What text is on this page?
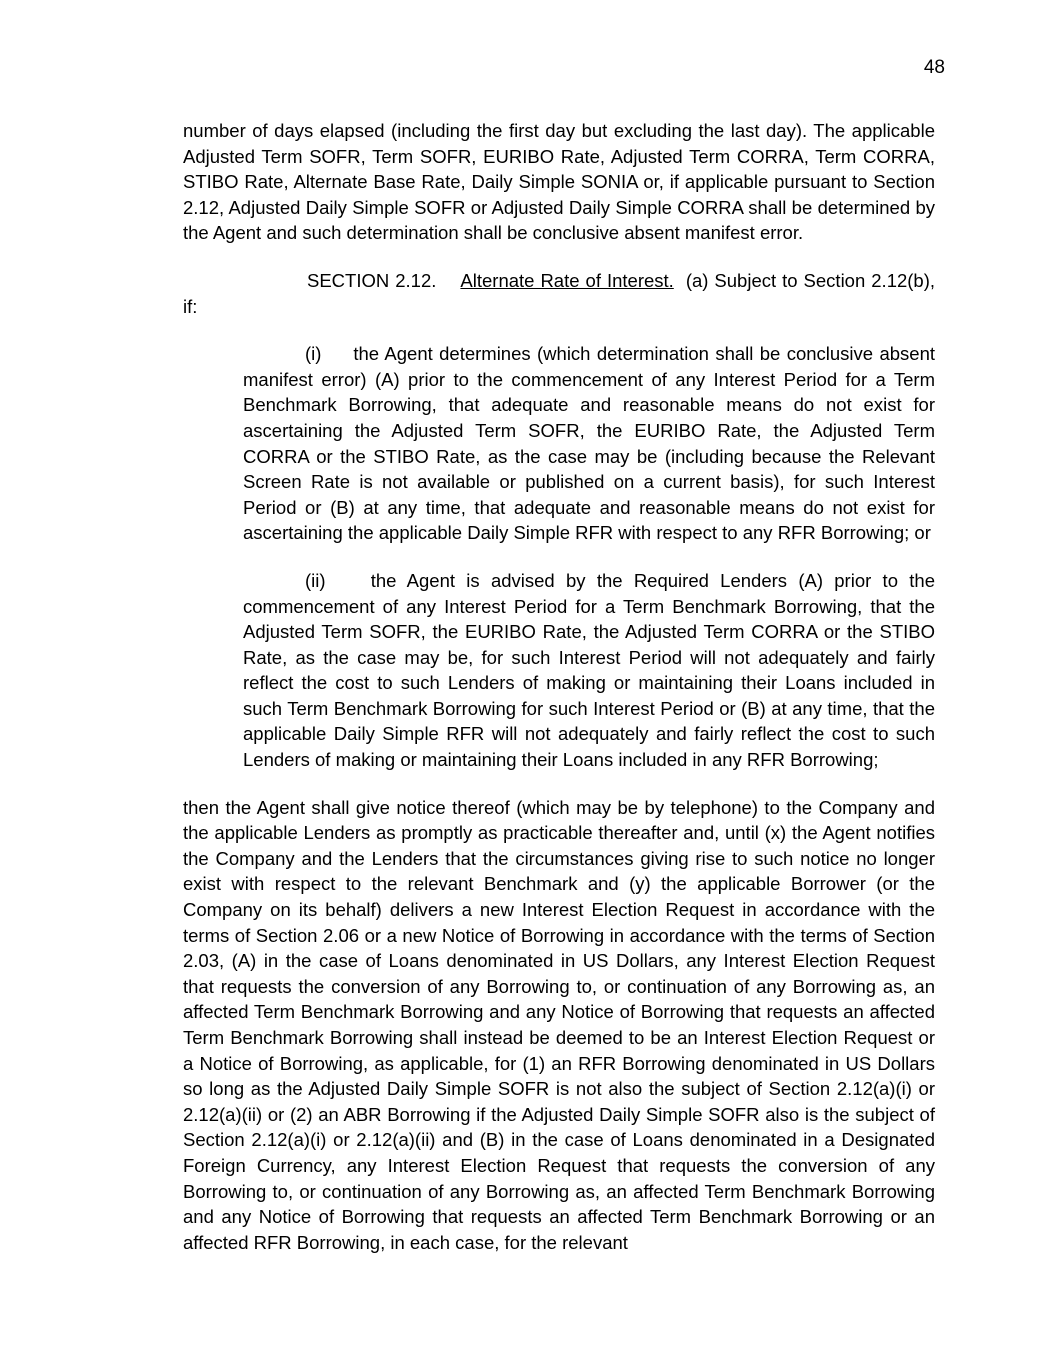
48

number of days elapsed (including the first day but excluding the last day). The applicable Adjusted Term SOFR, Term SOFR, EURIBO Rate, Adjusted Term CORRA, Term CORRA, STIBO Rate, Alternate Base Rate, Daily Simple SONIA or, if applicable pursuant to Section 2.12, Adjusted Daily Simple SOFR or Adjusted Daily Simple CORRA shall be determined by the Agent and such determination shall be conclusive absent manifest error.

SECTION 2.12. Alternate Rate of Interest. (a) Subject to Section 2.12(b), if:

(i) the Agent determines (which determination shall be conclusive absent manifest error) (A) prior to the commencement of any Interest Period for a Term Benchmark Borrowing, that adequate and reasonable means do not exist for ascertaining the Adjusted Term SOFR, the EURIBO Rate, the Adjusted Term CORRA or the STIBO Rate, as the case may be (including because the Relevant Screen Rate is not available or published on a current basis), for such Interest Period or (B) at any time, that adequate and reasonable means do not exist for ascertaining the applicable Daily Simple RFR with respect to any RFR Borrowing; or

(ii) the Agent is advised by the Required Lenders (A) prior to the commencement of any Interest Period for a Term Benchmark Borrowing, that the Adjusted Term SOFR, the EURIBO Rate, the Adjusted Term CORRA or the STIBO Rate, as the case may be, for such Interest Period will not adequately and fairly reflect the cost to such Lenders of making or maintaining their Loans included in such Term Benchmark Borrowing for such Interest Period or (B) at any time, that the applicable Daily Simple RFR will not adequately and fairly reflect the cost to such Lenders of making or maintaining their Loans included in any RFR Borrowing;

then the Agent shall give notice thereof (which may be by telephone) to the Company and the applicable Lenders as promptly as practicable thereafter and, until (x) the Agent notifies the Company and the Lenders that the circumstances giving rise to such notice no longer exist with respect to the relevant Benchmark and (y) the applicable Borrower (or the Company on its behalf) delivers a new Interest Election Request in accordance with the terms of Section 2.06 or a new Notice of Borrowing in accordance with the terms of Section 2.03, (A) in the case of Loans denominated in US Dollars, any Interest Election Request that requests the conversion of any Borrowing to, or continuation of any Borrowing as, an affected Term Benchmark Borrowing and any Notice of Borrowing that requests an affected Term Benchmark Borrowing shall instead be deemed to be an Interest Election Request or a Notice of Borrowing, as applicable, for (1) an RFR Borrowing denominated in US Dollars so long as the Adjusted Daily Simple SOFR is not also the subject of Section 2.12(a)(i) or 2.12(a)(ii) or (2) an ABR Borrowing if the Adjusted Daily Simple SOFR also is the subject of Section 2.12(a)(i) or 2.12(a)(ii) and (B) in the case of Loans denominated in a Designated Foreign Currency, any Interest Election Request that requests the conversion of any Borrowing to, or continuation of any Borrowing as, an affected Term Benchmark Borrowing and any Notice of Borrowing that requests an affected Term Benchmark Borrowing or an affected RFR Borrowing, in each case, for the relevant
